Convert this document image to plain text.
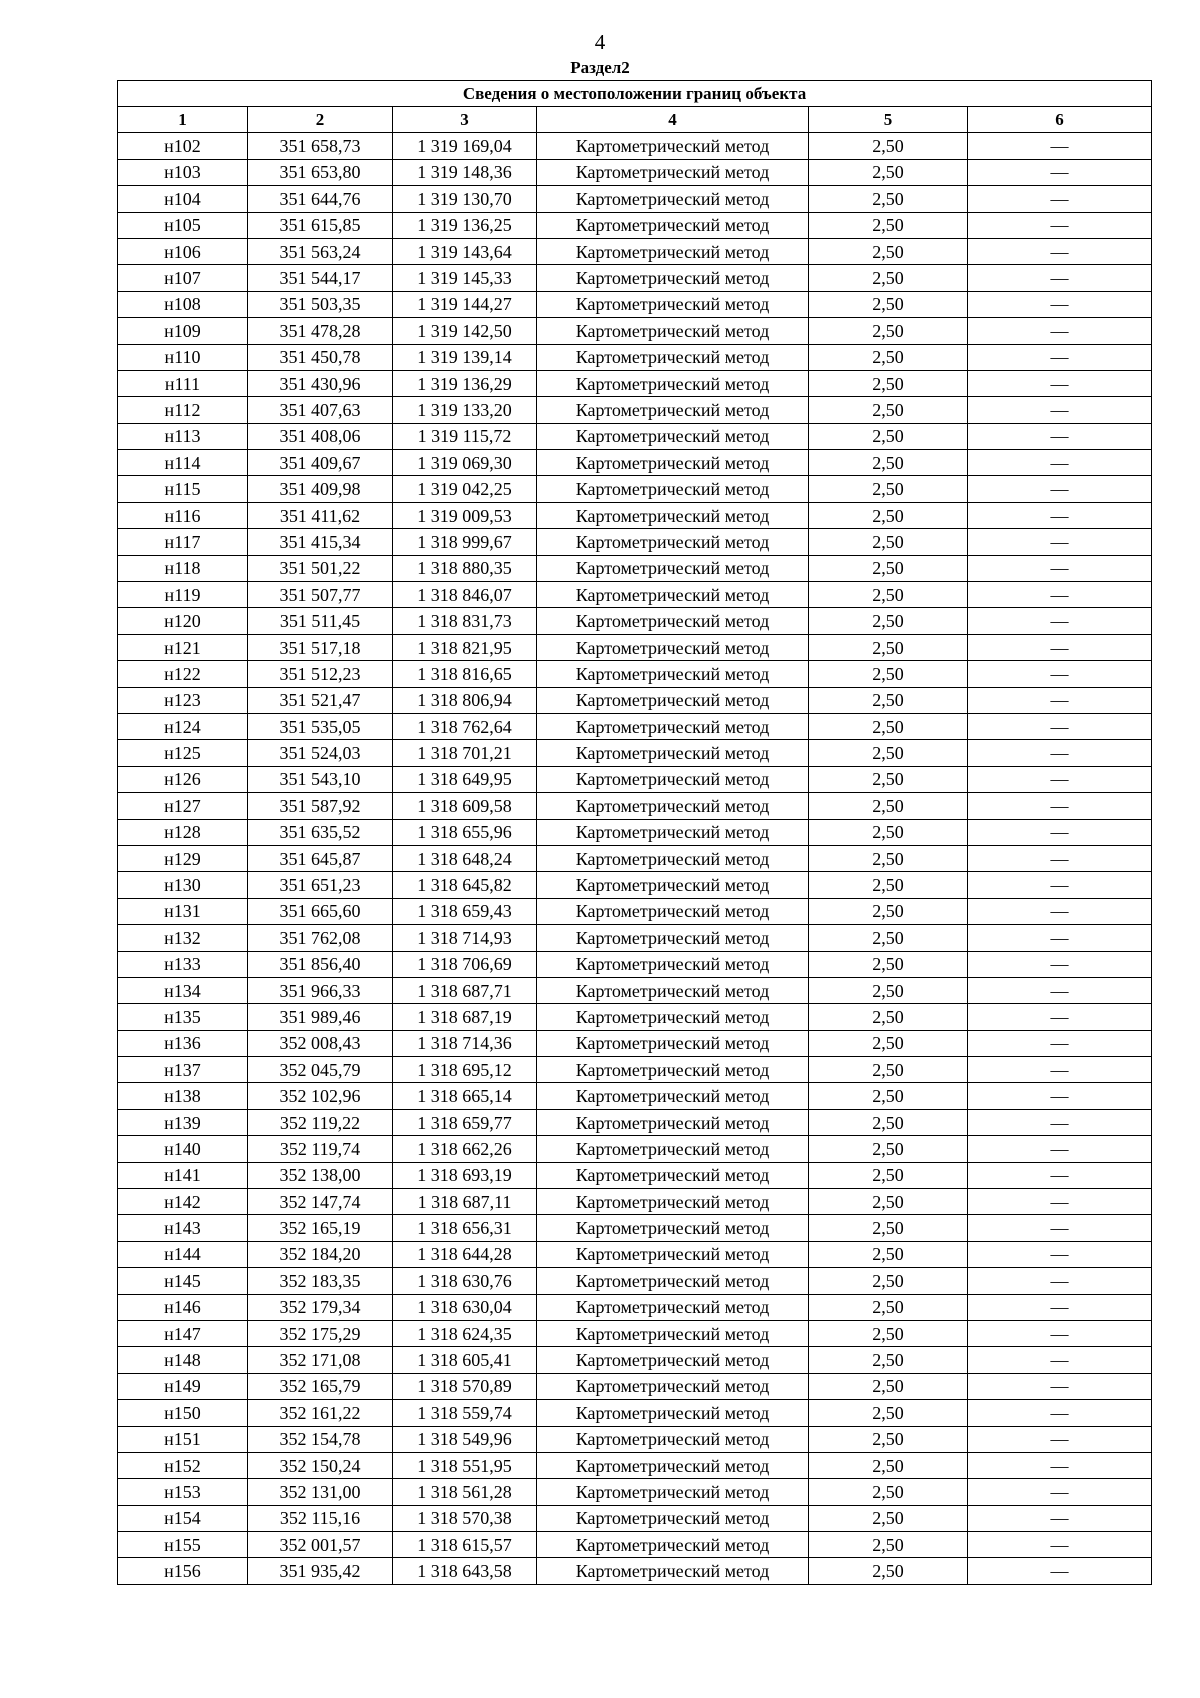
4
Раздел2
Сведения о местоположении границ объекта					
1	2	3	4	5	6
н102	351 658,73	1 319 169,04	Картометрический метод	2,50	—
н103	351 653,80	1 319 148,36	Картометрический метод	2,50	—
н104	351 644,76	1 319 130,70	Картометрический метод	2,50	—
н105	351 615,85	1 319 136,25	Картометрический метод	2,50	—
н106	351 563,24	1 319 143,64	Картометрический метод	2,50	—
н107	351 544,17	1 319 145,33	Картометрический метод	2,50	—
н108	351 503,35	1 319 144,27	Картометрический метод	2,50	—
н109	351 478,28	1 319 142,50	Картометрический метод	2,50	—
н110	351 450,78	1 319 139,14	Картометрический метод	2,50	—
н111	351 430,96	1 319 136,29	Картометрический метод	2,50	—
н112	351 407,63	1 319 133,20	Картометрический метод	2,50	—
н113	351 408,06	1 319 115,72	Картометрический метод	2,50	—
н114	351 409,67	1 319 069,30	Картометрический метод	2,50	—
н115	351 409,98	1 319 042,25	Картометрический метод	2,50	—
н116	351 411,62	1 319 009,53	Картометрический метод	2,50	—
н117	351 415,34	1 318 999,67	Картометрический метод	2,50	—
н118	351 501,22	1 318 880,35	Картометрический метод	2,50	—
н119	351 507,77	1 318 846,07	Картометрический метод	2,50	—
н120	351 511,45	1 318 831,73	Картометрический метод	2,50	—
н121	351 517,18	1 318 821,95	Картометрический метод	2,50	—
н122	351 512,23	1 318 816,65	Картометрический метод	2,50	—
н123	351 521,47	1 318 806,94	Картометрический метод	2,50	—
н124	351 535,05	1 318 762,64	Картометрический метод	2,50	—
н125	351 524,03	1 318 701,21	Картометрический метод	2,50	—
н126	351 543,10	1 318 649,95	Картометрический метод	2,50	—
н127	351 587,92	1 318 609,58	Картометрический метод	2,50	—
н128	351 635,52	1 318 655,96	Картометрический метод	2,50	—
н129	351 645,87	1 318 648,24	Картометрический метод	2,50	—
н130	351 651,23	1 318 645,82	Картометрический метод	2,50	—
н131	351 665,60	1 318 659,43	Картометрический метод	2,50	—
н132	351 762,08	1 318 714,93	Картометрический метод	2,50	—
н133	351 856,40	1 318 706,69	Картометрический метод	2,50	—
н134	351 966,33	1 318 687,71	Картометрический метод	2,50	—
н135	351 989,46	1 318 687,19	Картометрический метод	2,50	—
н136	352 008,43	1 318 714,36	Картометрический метод	2,50	—
н137	352 045,79	1 318 695,12	Картометрический метод	2,50	—
н138	352 102,96	1 318 665,14	Картометрический метод	2,50	—
н139	352 119,22	1 318 659,77	Картометрический метод	2,50	—
н140	352 119,74	1 318 662,26	Картометрический метод	2,50	—
н141	352 138,00	1 318 693,19	Картометрический метод	2,50	—
н142	352 147,74	1 318 687,11	Картометрический метод	2,50	—
н143	352 165,19	1 318 656,31	Картометрический метод	2,50	—
н144	352 184,20	1 318 644,28	Картометрический метод	2,50	—
н145	352 183,35	1 318 630,76	Картометрический метод	2,50	—
н146	352 179,34	1 318 630,04	Картометрический метод	2,50	—
н147	352 175,29	1 318 624,35	Картометрический метод	2,50	—
н148	352 171,08	1 318 605,41	Картометрический метод	2,50	—
н149	352 165,79	1 318 570,89	Картометрический метод	2,50	—
н150	352 161,22	1 318 559,74	Картометрический метод	2,50	—
н151	352 154,78	1 318 549,96	Картометрический метод	2,50	—
н152	352 150,24	1 318 551,95	Картометрический метод	2,50	—
н153	352 131,00	1 318 561,28	Картометрический метод	2,50	—
н154	352 115,16	1 318 570,38	Картометрический метод	2,50	—
н155	352 001,57	1 318 615,57	Картометрический метод	2,50	—
н156	351 935,42	1 318 643,58	Картометрический метод	2,50	—
